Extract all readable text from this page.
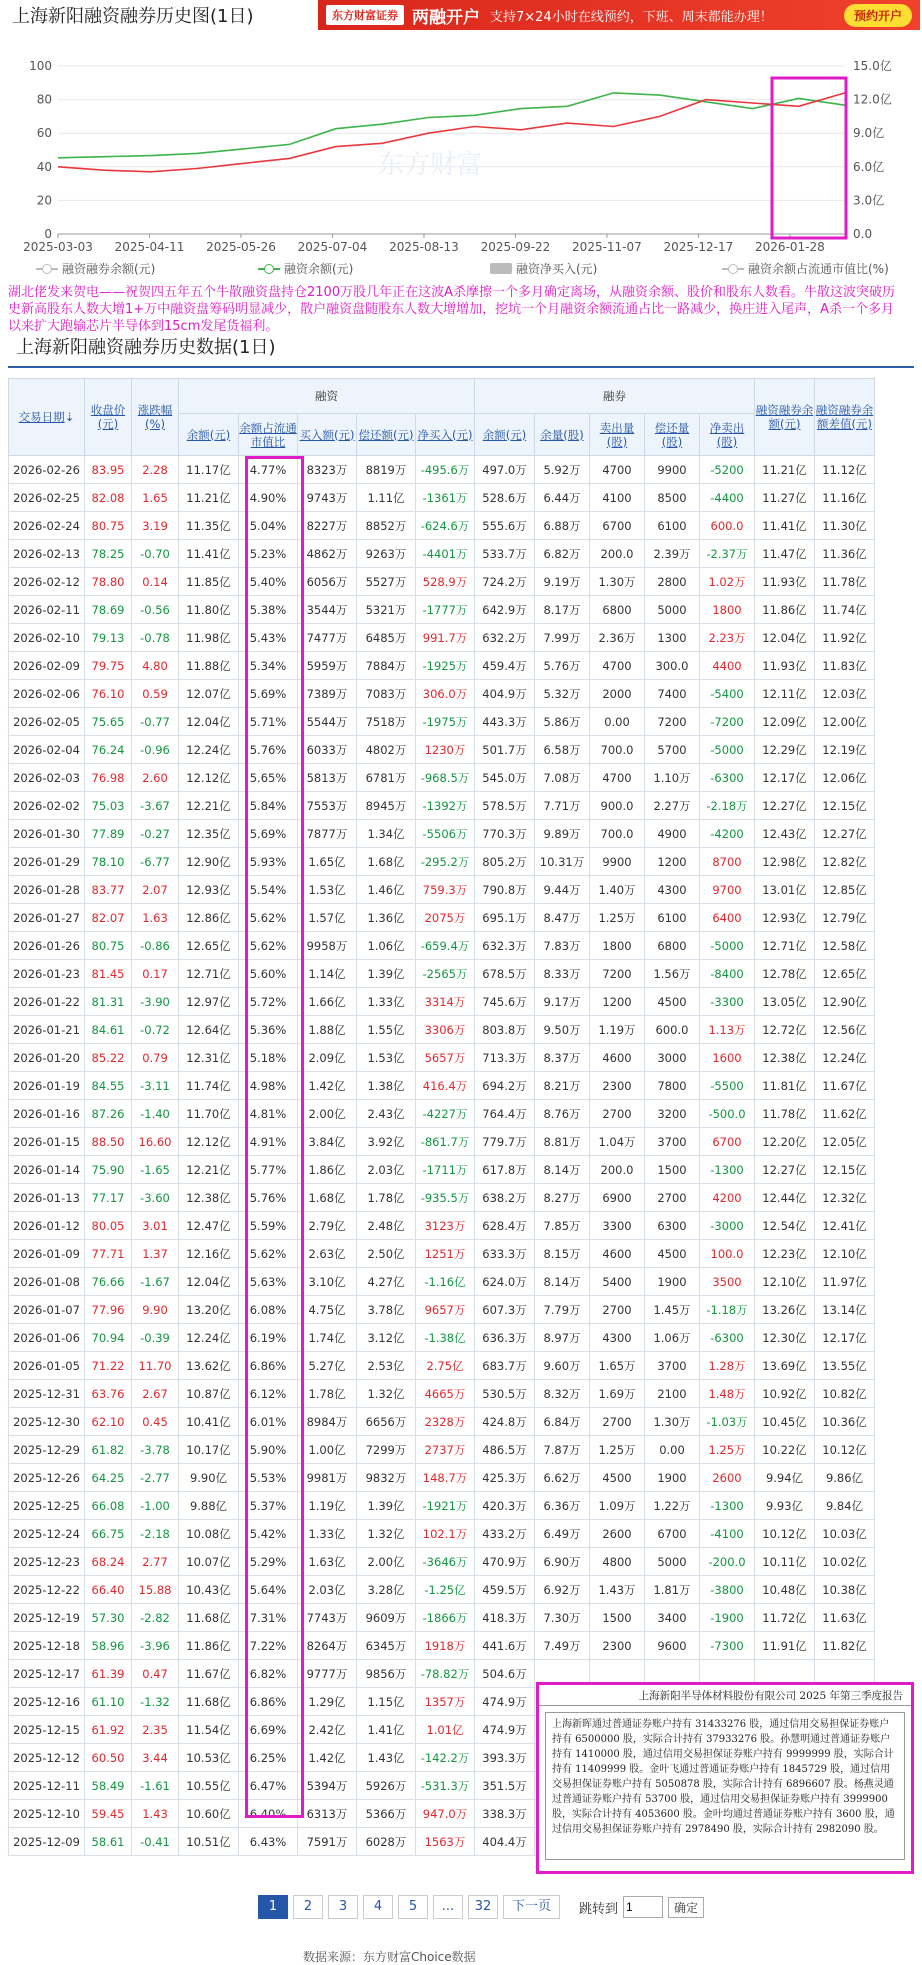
上海新阳融资融券历史图(1日)	东方财富证券 两融开户 支持7×24小时在线预约，下班、周末都能办理！	预约开户
0
20
40
60
80
100
0.0
3.0亿
6.0亿
9.0亿
12.0亿
15.0亿
2025-03-03 2025-04-11 2025-05-26 2025-07-04 2025-08-13 2025-09-22 2025-11-07 2025-12-17 2026-01-28
东方财富
融资融券余额(元)	融资余额(元)	融资净买入(元)	融资余额占流通市值比(%)
湖北佬发来贺电——祝贺四五年五个牛散融资盘持仓2100万股几年正在这波A杀摩擦一个多月确定离场，从融资余额、股价和股东人数看。牛散这波突破历史新高股东人数大增1+万中融资盘筹码明显减少，散户融资盘随股东人数大增增加，挖坑一个月融资余额流通占比一路减少，换庄进入尾声，A杀一个多月以来扩大跑输芯片半导体到15cm发尾货福利。
上海新阳融资融券历史数据(1日)
交易日期⇣	收盘价(元)	涨跌幅(%)	融资					融券					融资融券余额(元)	融资融券余额差值(元)
			余额(元)	余额占流通市值比	买入额(元)	偿还额(元)	净买入(元)	余额(元)	余量(股)	卖出量(股)	偿还量(股)	净卖出(股)		
2026-02-26	83.95	2.28	11.17亿	4.77%	8323万	8819万	-495.6万	497.0万	5.92万	4700	9900	-5200	11.21亿	11.12亿
2026-02-25	82.08	1.65	11.21亿	4.90%	9743万	1.11亿	-1361万	528.6万	6.44万	4100	8500	-4400	11.27亿	11.16亿
2026-02-24	80.75	3.19	11.35亿	5.04%	8227万	8852万	-624.6万	555.6万	6.88万	6700	6100	600.0	11.41亿	11.30亿
2026-02-13	78.25	-0.70	11.41亿	5.23%	4862万	9263万	-4401万	533.7万	6.82万	200.0	2.39万	-2.37万	11.47亿	11.36亿
2026-02-12	78.80	0.14	11.85亿	5.40%	6056万	5527万	528.9万	724.2万	9.19万	1.30万	2800	1.02万	11.93亿	11.78亿
2026-02-11	78.69	-0.56	11.80亿	5.38%	3544万	5321万	-1777万	642.9万	8.17万	6800	5000	1800	11.86亿	11.74亿
2026-02-10	79.13	-0.78	11.98亿	5.43%	7477万	6485万	991.7万	632.2万	7.99万	2.36万	1300	2.23万	12.04亿	11.92亿
2026-02-09	79.75	4.80	11.88亿	5.34%	5959万	7884万	-1925万	459.4万	5.76万	4700	300.0	4400	11.93亿	11.83亿
2026-02-06	76.10	0.59	12.07亿	5.69%	7389万	7083万	306.0万	404.9万	5.32万	2000	7400	-5400	12.11亿	12.03亿
2026-02-05	75.65	-0.77	12.04亿	5.71%	5544万	7518万	-1975万	443.3万	5.86万	0.00	7200	-7200	12.09亿	12.00亿
2026-02-04	76.24	-0.96	12.24亿	5.76%	6033万	4802万	1230万	501.7万	6.58万	700.0	5700	-5000	12.29亿	12.19亿
2026-02-03	76.98	2.60	12.12亿	5.65%	5813万	6781万	-968.5万	545.0万	7.08万	4700	1.10万	-6300	12.17亿	12.06亿
2026-02-02	75.03	-3.67	12.21亿	5.84%	7553万	8945万	-1392万	578.5万	7.71万	900.0	2.27万	-2.18万	12.27亿	12.15亿
2026-01-30	77.89	-0.27	12.35亿	5.69%	7877万	1.34亿	-5506万	770.3万	9.89万	700.0	4900	-4200	12.43亿	12.27亿
2026-01-29	78.10	-6.77	12.90亿	5.93%	1.65亿	1.68亿	-295.2万	805.2万	10.31万	9900	1200	8700	12.98亿	12.82亿
2026-01-28	83.77	2.07	12.93亿	5.54%	1.53亿	1.46亿	759.3万	790.8万	9.44万	1.40万	4300	9700	13.01亿	12.85亿
2026-01-27	82.07	1.63	12.86亿	5.62%	1.57亿	1.36亿	2075万	695.1万	8.47万	1.25万	6100	6400	12.93亿	12.79亿
2026-01-26	80.75	-0.86	12.65亿	5.62%	9958万	1.06亿	-659.4万	632.3万	7.83万	1800	6800	-5000	12.71亿	12.58亿
2026-01-23	81.45	0.17	12.71亿	5.60%	1.14亿	1.39亿	-2565万	678.5万	8.33万	7200	1.56万	-8400	12.78亿	12.65亿
2026-01-22	81.31	-3.90	12.97亿	5.72%	1.66亿	1.33亿	3314万	745.6万	9.17万	1200	4500	-3300	13.05亿	12.90亿
2026-01-21	84.61	-0.72	12.64亿	5.36%	1.88亿	1.55亿	3306万	803.8万	9.50万	1.19万	600.0	1.13万	12.72亿	12.56亿
2026-01-20	85.22	0.79	12.31亿	5.18%	2.09亿	1.53亿	5657万	713.3万	8.37万	4600	3000	1600	12.38亿	12.24亿
2026-01-19	84.55	-3.11	11.74亿	4.98%	1.42亿	1.38亿	416.4万	694.2万	8.21万	2300	7800	-5500	11.81亿	11.67亿
2026-01-16	87.26	-1.40	11.70亿	4.81%	2.00亿	2.43亿	-4227万	764.4万	8.76万	2700	3200	-500.0	11.78亿	11.62亿
2026-01-15	88.50	16.60	12.12亿	4.91%	3.84亿	3.92亿	-861.7万	779.7万	8.81万	1.04万	3700	6700	12.20亿	12.05亿
2026-01-14	75.90	-1.65	12.21亿	5.77%	1.86亿	2.03亿	-1711万	617.8万	8.14万	200.0	1500	-1300	12.27亿	12.15亿
2026-01-13	77.17	-3.60	12.38亿	5.76%	1.68亿	1.78亿	-935.5万	638.2万	8.27万	6900	2700	4200	12.44亿	12.32亿
2026-01-12	80.05	3.01	12.47亿	5.59%	2.79亿	2.48亿	3123万	628.4万	7.85万	3300	6300	-3000	12.54亿	12.41亿
2026-01-09	77.71	1.37	12.16亿	5.62%	2.63亿	2.50亿	1251万	633.3万	8.15万	4600	4500	100.0	12.23亿	12.10亿
2026-01-08	76.66	-1.67	12.04亿	5.63%	3.10亿	4.27亿	-1.16亿	624.0万	8.14万	5400	1900	3500	12.10亿	11.97亿
2026-01-07	77.96	9.90	13.20亿	6.08%	4.75亿	3.78亿	9657万	607.3万	7.79万	2700	1.45万	-1.18万	13.26亿	13.14亿
2026-01-06	70.94	-0.39	12.24亿	6.19%	1.74亿	3.12亿	-1.38亿	636.3万	8.97万	4300	1.06万	-6300	12.30亿	12.17亿
2026-01-05	71.22	11.70	13.62亿	6.86%	5.27亿	2.53亿	2.75亿	683.7万	9.60万	1.65万	3700	1.28万	13.69亿	13.55亿
2025-12-31	63.76	2.67	10.87亿	6.12%	1.78亿	1.32亿	4665万	530.5万	8.32万	1.69万	2100	1.48万	10.92亿	10.82亿
2025-12-30	62.10	0.45	10.41亿	6.01%	8984万	6656万	2328万	424.8万	6.84万	2700	1.30万	-1.03万	10.45亿	10.36亿
2025-12-29	61.82	-3.78	10.17亿	5.90%	1.00亿	7299万	2737万	486.5万	7.87万	1.25万	0.00	1.25万	10.22亿	10.12亿
2025-12-26	64.25	-2.77	9.90亿	5.53%	9981万	9832万	148.7万	425.3万	6.62万	4500	1900	2600	9.94亿	9.86亿
2025-12-25	66.08	-1.00	9.88亿	5.37%	1.19亿	1.39亿	-1921万	420.3万	6.36万	1.09万	1.22万	-1300	9.93亿	9.84亿
2025-12-24	66.75	-2.18	10.08亿	5.42%	1.33亿	1.32亿	102.1万	433.2万	6.49万	2600	6700	-4100	10.12亿	10.03亿
2025-12-23	68.24	2.77	10.07亿	5.29%	1.63亿	2.00亿	-3646万	470.9万	6.90万	4800	5000	-200.0	10.11亿	10.02亿
2025-12-22	66.40	15.88	10.43亿	5.64%	2.03亿	3.28亿	-1.25亿	459.5万	6.92万	1.43万	1.81万	-3800	10.48亿	10.38亿
2025-12-19	57.30	-2.82	11.68亿	7.31%	7743万	9609万	-1866万	418.3万	7.30万	1500	3400	-1900	11.72亿	11.63亿
2025-12-18	58.96	-3.96	11.86亿	7.22%	8264万	6345万	1918万	441.6万	7.49万	2300	9600	-7300	11.91亿	11.82亿
2025-12-17	61.39	0.47	11.67亿	6.82%	9777万	9856万	-78.82万	504.6万						
2025-12-16	61.10	-1.32	11.68亿	6.86%	1.29亿	1.15亿	1357万	474.9万						
2025-12-15	61.92	2.35	11.54亿	6.69%	2.42亿	1.41亿	1.01亿	474.9万						
2025-12-12	60.50	3.44	10.53亿	6.25%	1.42亿	1.43亿	-142.2万	393.3万						
2025-12-11	58.49	-1.61	10.55亿	6.47%	5394万	5926万	-531.3万	351.5万						
2025-12-10	59.45	1.43	10.60亿	6.40%	6313万	5366万	947.0万	338.3万						
2025-12-09	58.61	-0.41	10.51亿	6.43%	7591万	6028万	1563万	404.4万						
上海新阳半导体材料股份有限公司 2025 年第三季度报告
上海新晖通过普通证券账户持有 31433276 股，通过信用交易担保证券账户持有 6500000 股，实际合计持有 37933276 股。孙慧明通过普通证券账户持有 1410000 股，通过信用交易担保证券账户持有 9999999 股，实际合计持有 11409999 股。金叶飞通过普通证券账户持有 1845729 股，通过信用交易担保证券账户持有 5050878 股，实际合计持有 6896607 股。杨燕灵通过普通证券账户持有 53700 股，通过信用交易担保证券账户持有 3999900 股，实际合计持有 4053600 股。金叶均通过普通证券账户持有 3600 股，通过信用交易担保证券账户持有 2978490 股，实际合计持有 2982090 股。
1	2	3	4	5	...	32	下一页	跳转到
1	确定
数据来源：东方财富Choice数据
